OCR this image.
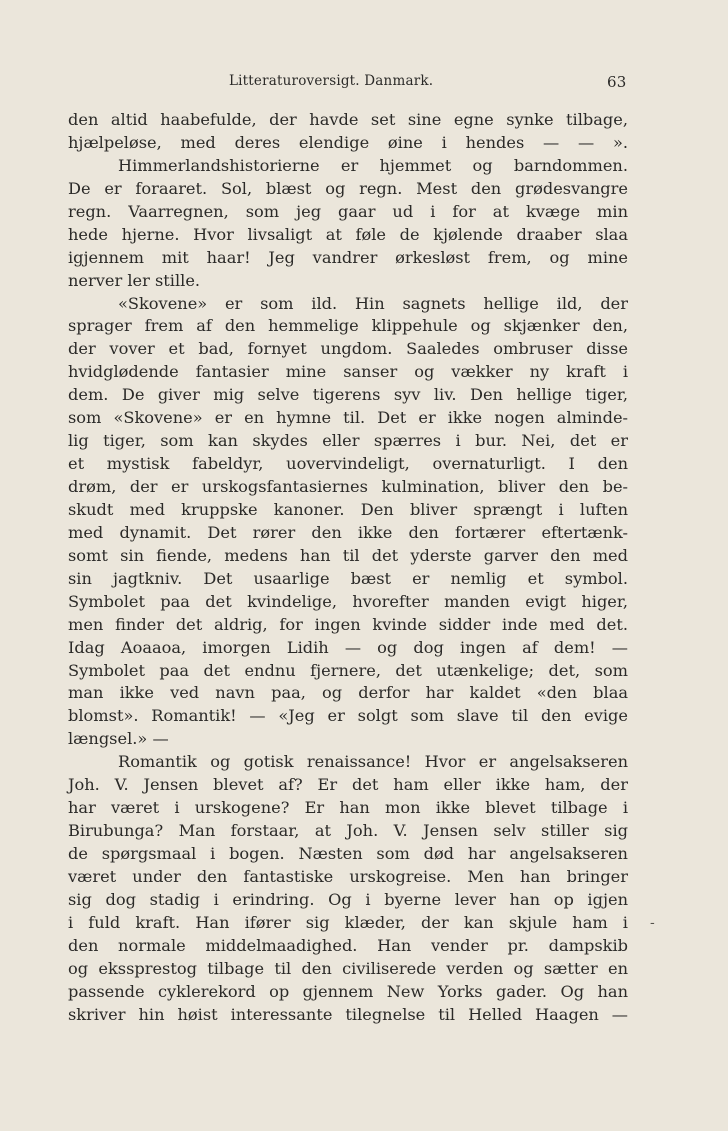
Litteraturoversigt. Danmark.	63
den altid haabefulde, der havde set sine egne synke tilbage,
hjælpeløse, med deres elendige øine i hendes — — ».
Himmerlandshistorierne er hjemmet og barndommen.
De er foraaret. Sol, blæst og regn. Mest den grødesvangre
regn. Vaarregnen, som jeg gaar ud i for at kvæge min
hede hjerne. Hvor livsaligt at føle de kjølende draaber slaa
igjennem mit haar! Jeg vandrer ørkesløst frem, og mine
nerver ler stille.
«Skovene» er som ild. Hin sagnets hellige ild, der
sprager frem af den hemmelige klippehule og skjænker den,
der vover et bad, fornyet ungdom. Saaledes ombruser disse
hvidglødende fantasier mine sanser og vækker ny kraft i
dem. De giver mig selve tigerens syv liv. Den hellige tiger,
som «Skovene» er en hymne til. Det er ikke nogen alminde-
lig tiger, som kan skydes eller spærres i bur. Nei, det er
et mystisk fabeldyr, uovervindeligt, overnaturligt. I den
drøm, der er urskogsfantasiernes kulmination, bliver den be-
skudt med kruppske kanoner. Den bliver sprængt i luften
med dynamit. Det rører den ikke den fortærer eftertænk-
somt sin fiende, medens han til det yderste garver den med
sin jagtkniv. Det usaarlige bæst er nemlig et symbol.
Symbolet paa det kvindelige, hvorefter manden evigt higer,
men finder det aldrig, for ingen kvinde sidder inde med det.
Idag Aoaaoa, imorgen Lidih — og dog ingen af dem! —
Symbolet paa det endnu fjernere, det utænkelige; det, som
man ikke ved navn paa, og derfor har kaldet «den blaa
blomst». Romantik! — «Jeg er solgt som slave til den evige
længsel.» —
Romantik og gotisk renaissance! Hvor er angelsakseren
Joh. V. Jensen blevet af? Er det ham eller ikke ham, der
har været i urskogene? Er han mon ikke blevet tilbage i
Birubunga? Man forstaar, at Joh. V. Jensen selv stiller sig
de spørgsmaal i bogen. Næsten som død har angelsakseren
været under den fantastiske urskogreise. Men han bringer
sig dog stadig i erindring. Og i byerne lever han op igjen
i fuld kraft. Han ifører sig klæder, der kan skjule ham i
den normale middelmaadighed. Han vender pr. dampskib
og ekssprestog tilbage til den civiliserede verden og sætter en
passende cyklerekord op gjennem New Yorks gader. Og han
skriver hin høist interessante tilegnelse til Helled Haagen —
-
